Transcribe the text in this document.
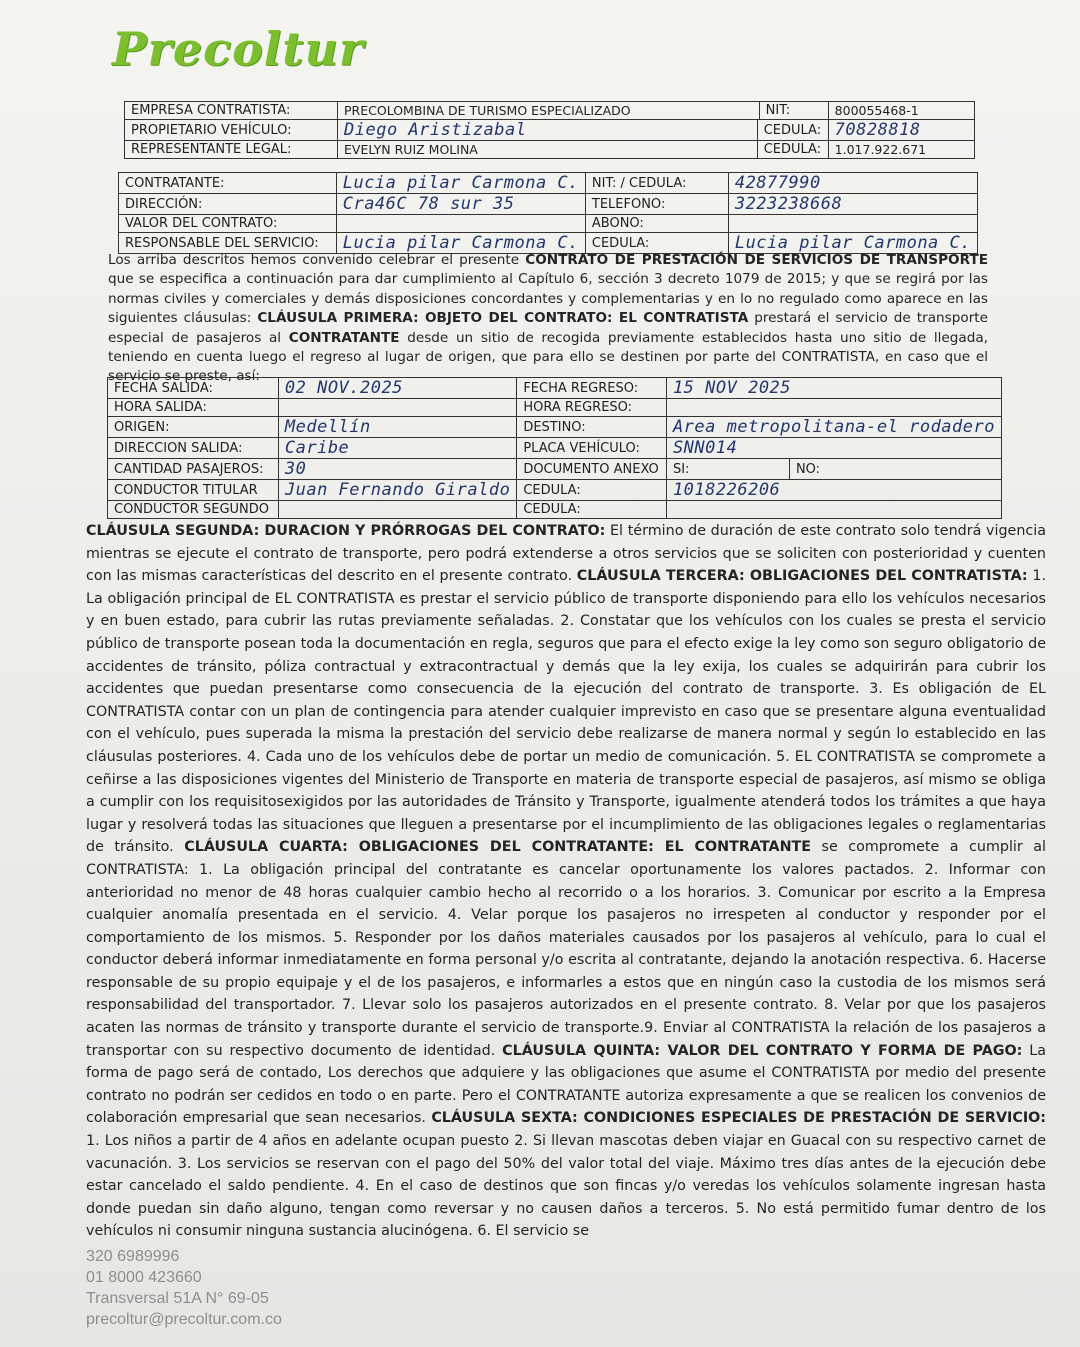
Precoltur
EMPRESA CONTRATISTA:	PRECOLOMBINA DE TURISMO ESPECIALIZADO		NIT:	800055468-1
PROPIETARIO VEHÍCULO:	Diego Aristizabal	CEDULA:		70828818
REPRESENTANTE LEGAL:	EVELYN RUIZ MOLINA	CEDULA:		1.017.922.671
CONTRATANTE:	Lucia pilar Carmona C.	NIT: / CEDULA:	42877990
DIRECCIÓN:	Cra46C 78 sur 35	TELEFONO:	3223238668
VALOR DEL CONTRATO:		ABONO:	
RESPONSABLE DEL SERVICIO:	Lucia pilar Carmona C.	CEDULA:	Lucia pilar Carmona C.

Los arriba descritos hemos convenido celebrar el presente CONTRATO DE PRESTACIÓN DE SERVICIOS DE TRANSPORTE que se especifica a continuación para dar cumplimiento al Capítulo 6, sección 3 decreto 1079 de 2015; y que se regirá por las normas civiles y comerciales y demás disposiciones concordantes y complementarias y en lo no regulado como aparece en las siguientes cláusulas: CLÁUSULA PRIMERA: OBJETO DEL CONTRATO: EL CONTRATISTA prestará el servicio de transporte especial de pasajeros al CONTRATANTE desde un sitio de recogida previamente establecidos hasta uno sitio de llegada, teniendo en cuenta luego el regreso al lugar de origen, que para ello se destinen por parte del CONTRATISTA, en caso que el servicio se preste, así:

FECHA SALIDA:	02 NOV.2025	FECHA REGRESO:	15 NOV 2025	
HORA SALIDA:		HORA REGRESO:		
ORIGEN:	Medellín	DESTINO:	Area metropolitana-el rodadero	
DIRECCION SALIDA:	Caribe	PLACA VEHÍCULO:	SNN014	
CANTIDAD PASAJEROS:	30	DOCUMENTO ANEXO	SI:	NO:
CONDUCTOR TITULAR	Juan Fernando Giraldo	CEDULA:	1018226206	
CONDUCTOR SEGUNDO		CEDULA:		

CLÁUSULA SEGUNDA: DURACION Y PRÓRROGAS DEL CONTRATO: El término de duración de este contrato solo tendrá vigencia mientras se ejecute el contrato de transporte, pero podrá extenderse a otros servicios que se soliciten con posterioridad y cuenten con las mismas características del descrito en el presente contrato. CLÁUSULA TERCERA: OBLIGACIONES DEL CONTRATISTA: 1. La obligación principal de EL CONTRATISTA es prestar el servicio público de transporte disponiendo para ello los vehículos necesarios y en buen estado, para cubrir las rutas previamente señaladas. 2. Constatar que los vehículos con los cuales se presta el servicio público de transporte posean toda la documentación en regla, seguros que para el efecto exige la ley como son seguro obligatorio de accidentes de tránsito, póliza contractual y extracontractual y demás que la ley exija, los cuales se adquirirán para cubrir los accidentes que puedan presentarse como consecuencia de la ejecución del contrato de transporte. 3. Es obligación de EL CONTRATISTA contar con un plan de contingencia para atender cualquier imprevisto en caso que se presentare alguna eventualidad con el vehículo, pues superada la misma la prestación del servicio debe realizarse de manera normal y según lo establecido en las cláusulas posteriores. 4. Cada uno de los vehículos debe de portar un medio de comunicación. 5. EL CONTRATISTA se compromete a ceñirse a las disposiciones vigentes del Ministerio de Transporte en materia de transporte especial de pasajeros, así mismo se obliga a cumplir con los requisitosexigidos por las autoridades de Tránsito y Transporte, igualmente atenderá todos los trámites a que haya lugar y resolverá todas las situaciones que lleguen a presentarse por el incumplimiento de las obligaciones legales o reglamentarias de tránsito. CLÁUSULA CUARTA: OBLIGACIONES DEL CONTRATANTE: EL CONTRATANTE se compromete a cumplir al CONTRATISTA: 1. La obligación principal del contratante es cancelar oportunamente los valores pactados. 2. Informar con anterioridad no menor de 48 horas cualquier cambio hecho al recorrido o a los horarios. 3. Comunicar por escrito a la Empresa cualquier anomalía presentada en el servicio. 4. Velar porque los pasajeros no irrespeten al conductor y responder por el comportamiento de los mismos. 5. Responder por los daños materiales causados por los pasajeros al vehículo, para lo cual el conductor deberá informar inmediatamente en forma personal y/o escrita al contratante, dejando la anotación respectiva. 6. Hacerse responsable de su propio equipaje y el de los pasajeros, e informarles a estos que en ningún caso la custodia de los mismos será responsabilidad del transportador. 7. Llevar solo los pasajeros autorizados en el presente contrato. 8. Velar por que los pasajeros acaten las normas de tránsito y transporte durante el servicio de transporte.9. Enviar al CONTRATISTA la relación de los pasajeros a transportar con su respectivo documento de identidad. CLÁUSULA QUINTA: VALOR DEL CONTRATO Y FORMA DE PAGO: La forma de pago será de contado, Los derechos que adquiere y las obligaciones que asume el CONTRATISTA por medio del presente contrato no podrán ser cedidos en todo o en parte. Pero el CONTRATANTE autoriza expresamente a que se realicen los convenios de colaboración empresarial que sean necesarios. CLÁUSULA SEXTA: CONDICIONES ESPECIALES DE PRESTACIÓN DE SERVICIO: 1. Los niños a partir de 4 años en adelante ocupan puesto 2. Si llevan mascotas deben viajar en Guacal con su respectivo carnet de vacunación. 3. Los servicios se reservan con el pago del 50% del valor total del viaje. Máximo tres días antes de la ejecución debe estar cancelado el saldo pendiente. 4. En el caso de destinos que son fincas y/o veredas los vehículos solamente ingresan hasta donde puedan sin daño alguno, tengan como reversar y no causen daños a terceros. 5. No está permitido fumar dentro de los vehículos ni consumir ninguna sustancia alucinógena. 6. El servicio se

320 6989996
01 8000 423660
Transversal 51A N° 69-05
precoltur@precoltur.com.co
